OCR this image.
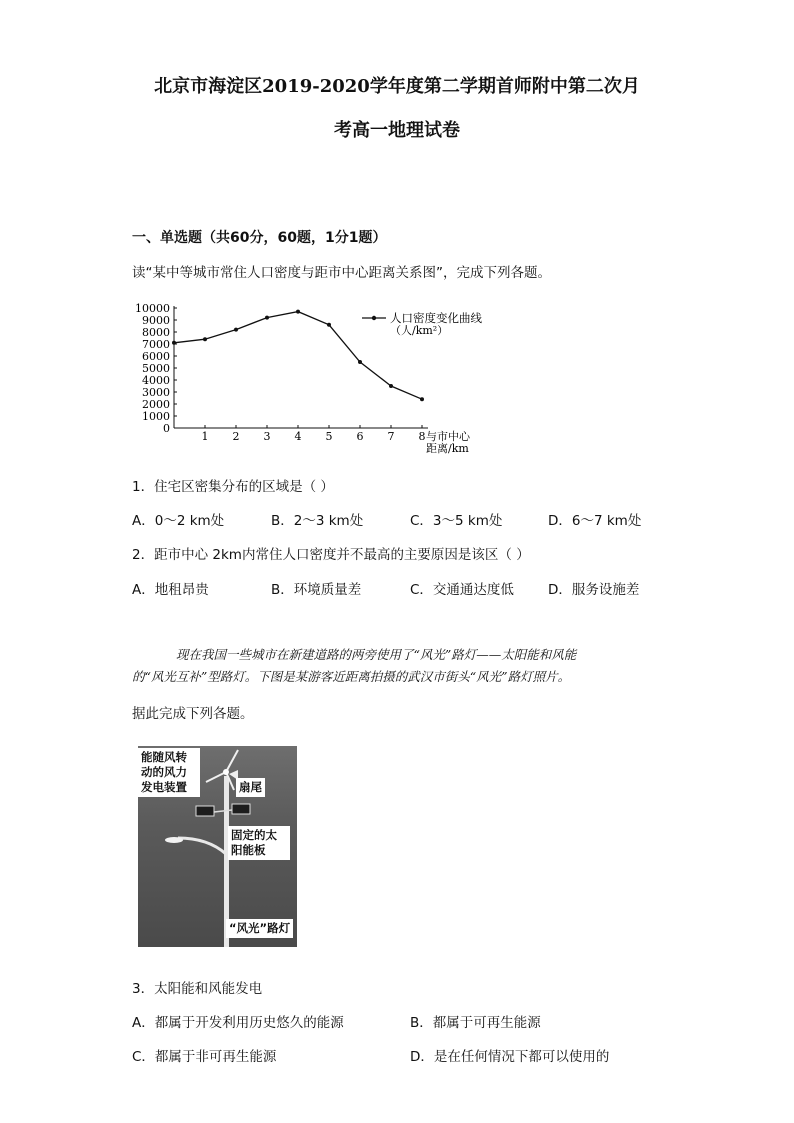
北京市海淀区2019-2020学年度第二学期首师附中第二次月
考高一地理试卷
一、单选题（共60分，60题，1分1题）
读“某中等城市常住人口密度与距市中心距离关系图”，完成下列各题。
10000
9000
8000
7000
6000
5000
4000
3000
2000
1000
0
1 2 3 4 5 6 7 8
人口密度变化曲线
（人/km²）
与市中心
距离/km
1．住宅区密集分布的区域是（ ）
A．0～2 km处	B．2～3 km处	C．3～5 km处	D．6～7 km处
2．距市中心 2km内常住人口密度并不最高的主要原因是该区（ ）
A．地租昂贵	B．环境质量差	C．交通通达度低	D．服务设施差
现在我国一些城市在新建道路的两旁使用了“风光”路灯——太阳能和风能
的“风光互补”型路灯。下图是某游客近距离拍摄的武汉市街头“风光”路灯照片。
据此完成下列各题。
能随风转
动的风力
发电装置	扇尾
固定的太
阳能板
“风光”路灯
3．太阳能和风能发电
A．都属于开发利用历史悠久的能源	B．都属于可再生能源
C．都属于非可再生能源	D．是在任何情况下都可以使用的
